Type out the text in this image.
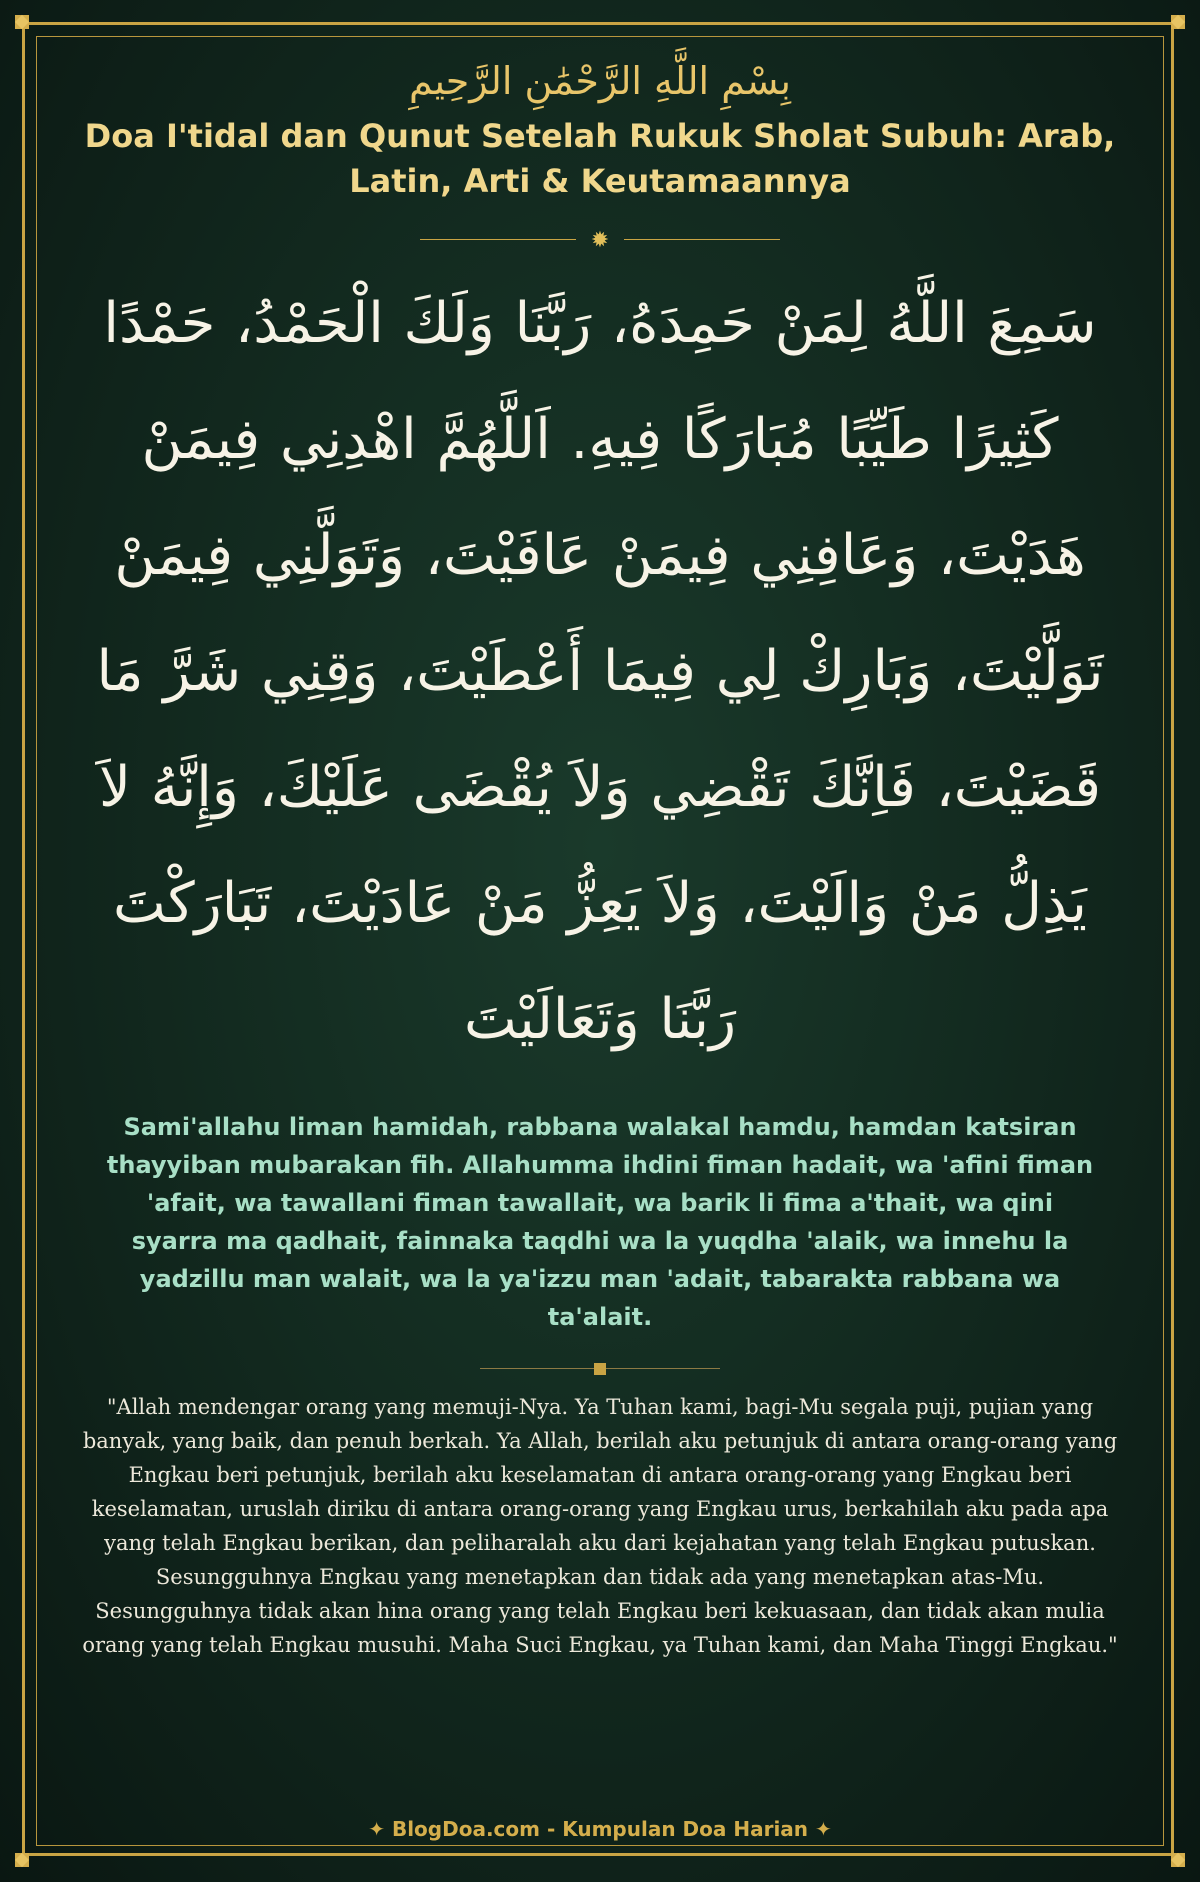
بِسْمِ اللَّهِ الرَّحْمَٰنِ الرَّحِيمِ

Doa I'tidal dan Qunut Setelah Rukuk Sholat Subuh: Arab, Latin, Arti & Keutamaannya
✹

سَمِعَ اللَّهُ لِمَنْ حَمِدَهُ، رَبَّنَا وَلَكَ الْحَمْدُ، حَمْدًا كَثِيرًا طَيِّبًا مُبَارَكًا فِيهِ. اَللَّهُمَّ اهْدِنِي فِيمَنْ هَدَيْتَ، وَعَافِنِي فِيمَنْ عَافَيْتَ، وَتَوَلَّنِي فِيمَنْ تَوَلَّيْتَ، وَبَارِكْ لِي فِيمَا أَعْطَيْتَ، وَقِنِي شَرَّ مَا قَضَيْتَ، فَاِنَّكَ تَقْضِي وَلاَ يُقْضَى عَلَيْكَ، وَإِنَّهُ لاَ يَذِلُّ مَنْ وَالَيْتَ، وَلاَ يَعِزُّ مَنْ عَادَيْتَ، تَبَارَكْتَ رَبَّنَا وَتَعَالَيْتَ

Sami'allahu liman hamidah, rabbana walakal hamdu, hamdan katsiran thayyiban mubarakan fih. Allahumma ihdini fiman hadait, wa 'afini fiman 'afait, wa tawallani fiman tawallait, wa barik li fima a'thait, wa qini syarra ma qadhait, fainnaka taqdhi wa la yuqdha 'alaik, wa innehu la yadzillu man walait, wa la ya'izzu man 'adait, tabarakta rabbana wa ta'alait.

"Allah mendengar orang yang memuji-Nya. Ya Tuhan kami, bagi-Mu segala puji, pujian yang banyak, yang baik, dan penuh berkah. Ya Allah, berilah aku petunjuk di antara orang-orang yang Engkau beri petunjuk, berilah aku keselamatan di antara orang-orang yang Engkau beri keselamatan, uruslah diriku di antara orang-orang yang Engkau urus, berkahilah aku pada apa yang telah Engkau berikan, dan peliharalah aku dari kejahatan yang telah Engkau putuskan. Sesungguhnya Engkau yang menetapkan dan tidak ada yang menetapkan atas-Mu. Sesungguhnya tidak akan hina orang yang telah Engkau beri kekuasaan, dan tidak akan mulia orang yang telah Engkau musuhi. Maha Suci Engkau, ya Tuhan kami, dan Maha Tinggi Engkau."

✦ BlogDoa.com - Kumpulan Doa Harian ✦
